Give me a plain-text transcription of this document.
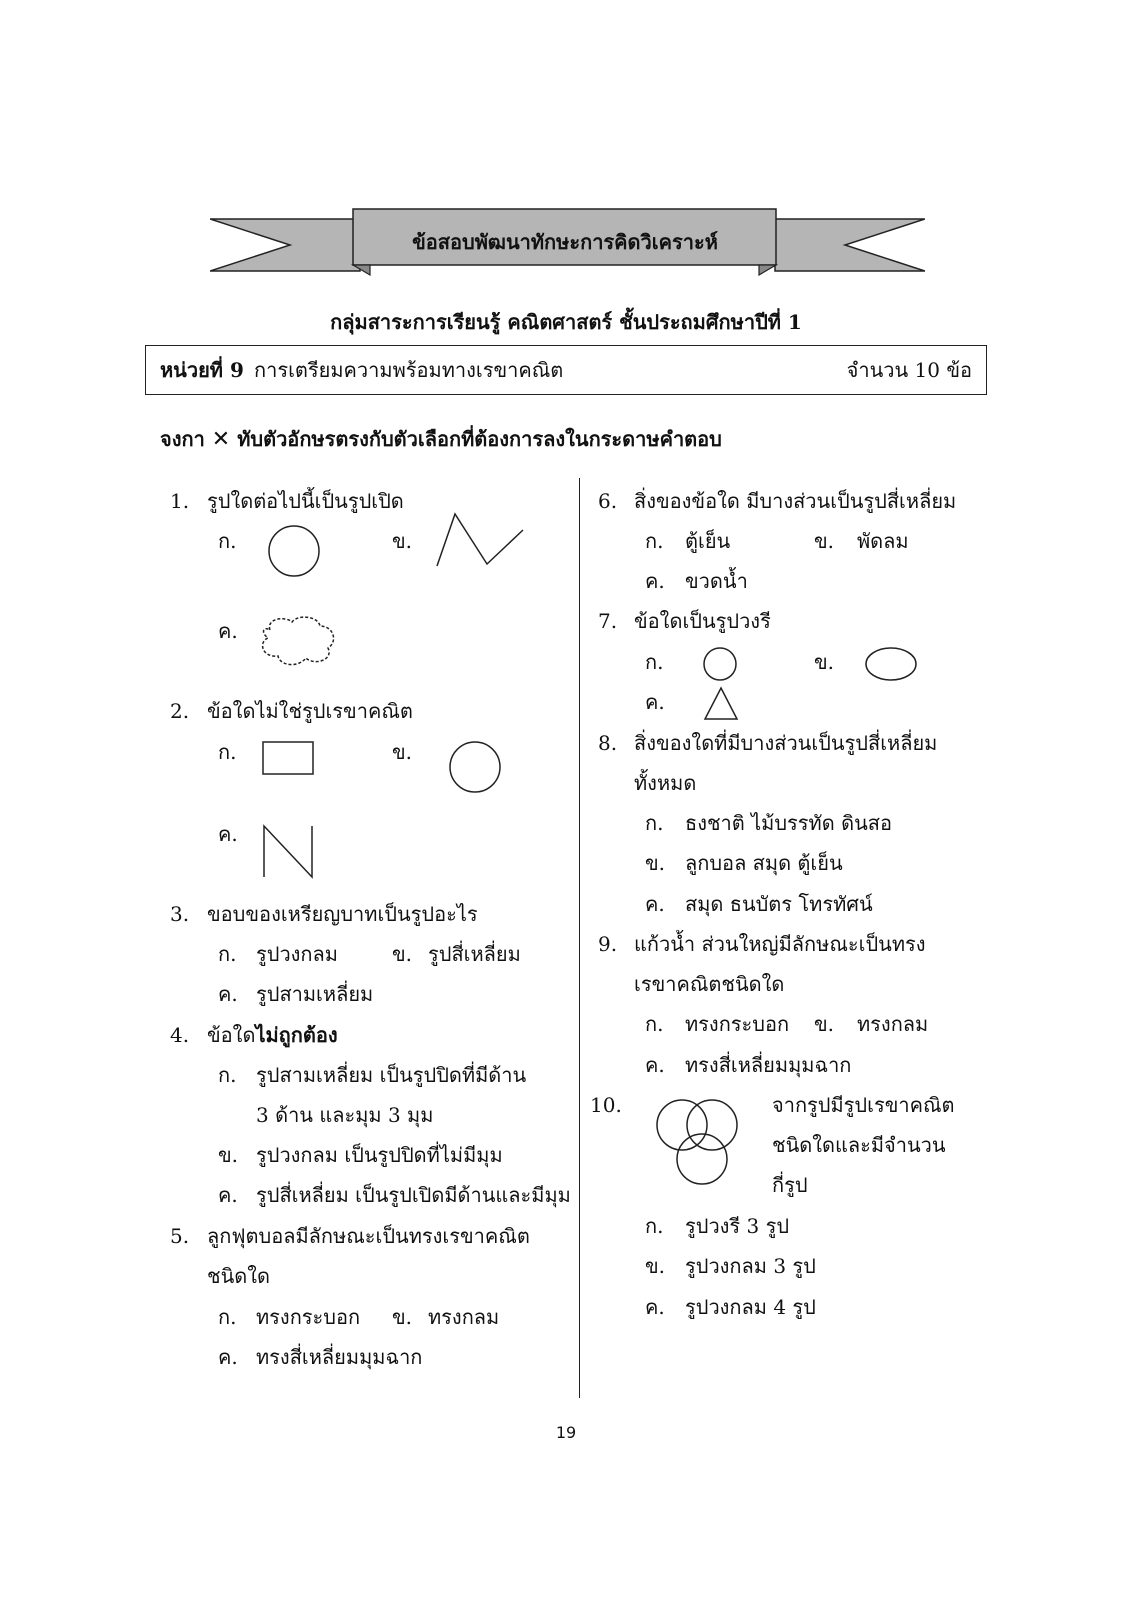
ข้อสอบพัฒนาทักษะการคิดวิเคราะห์
กลุ่มสาระการเรียนรู้ คณิตศาสตร์ ชั้นประถมศึกษาปีที่ 1
หน่วยที่ 9 การเตรียมความพร้อมทางเรขาคณิต	จำนวน 10 ข้อ
จงกา ✕ ทับตัวอักษรตรงกับตัวเลือกที่ต้องการลงในกระดาษคำตอบ
1. รูปใดต่อไปนี้เป็นรูปเปิด
ก.	ข.
ค.
2. ข้อใดไม่ใช่รูปเรขาคณิต
ก.	ข.
ค.
3. ขอบของเหรียญบาทเป็นรูปอะไร
ก. รูปวงกลม	ข. รูปสี่เหลี่ยม
ค. รูปสามเหลี่ยม
4. ข้อใดไม่ถูกต้อง
ก. รูปสามเหลี่ยม เป็นรูปปิดที่มีด้าน
3 ด้าน และมุม 3 มุม
ข. รูปวงกลม เป็นรูปปิดที่ไม่มีมุม
ค. รูปสี่เหลี่ยม เป็นรูปเปิดมีด้านและมีมุม
5. ลูกฟุตบอลมีลักษณะเป็นทรงเรขาคณิต
ชนิดใด
ก. ทรงกระบอก ข. ทรงกลม
ค. ทรงสี่เหลี่ยมมุมฉาก
6. สิ่งของข้อใด มีบางส่วนเป็นรูปสี่เหลี่ยม
ก. ตู้เย็น	ข. พัดลม
ค. ขวดน้ำ
7. ข้อใดเป็นรูปวงรี
ก.	ข.
ค.
8. สิ่งของใดที่มีบางส่วนเป็นรูปสี่เหลี่ยม
ทั้งหมด
ก. ธงชาติ ไม้บรรทัด ดินสอ
ข. ลูกบอล สมุด ตู้เย็น
ค. สมุด ธนบัตร โทรทัศน์
9. แก้วน้ำ ส่วนใหญ่มีลักษณะเป็นทรง
เรขาคณิตชนิดใด
ก. ทรงกระบอก ข. ทรงกลม
ค. ทรงสี่เหลี่ยมมุมฉาก
10.	จากรูปมีรูปเรขาคณิต
ชนิดใดและมีจำนวน
กี่รูป
ก. รูปวงรี 3 รูป
ข. รูปวงกลม 3 รูป
ค. รูปวงกลม 4 รูป
19
